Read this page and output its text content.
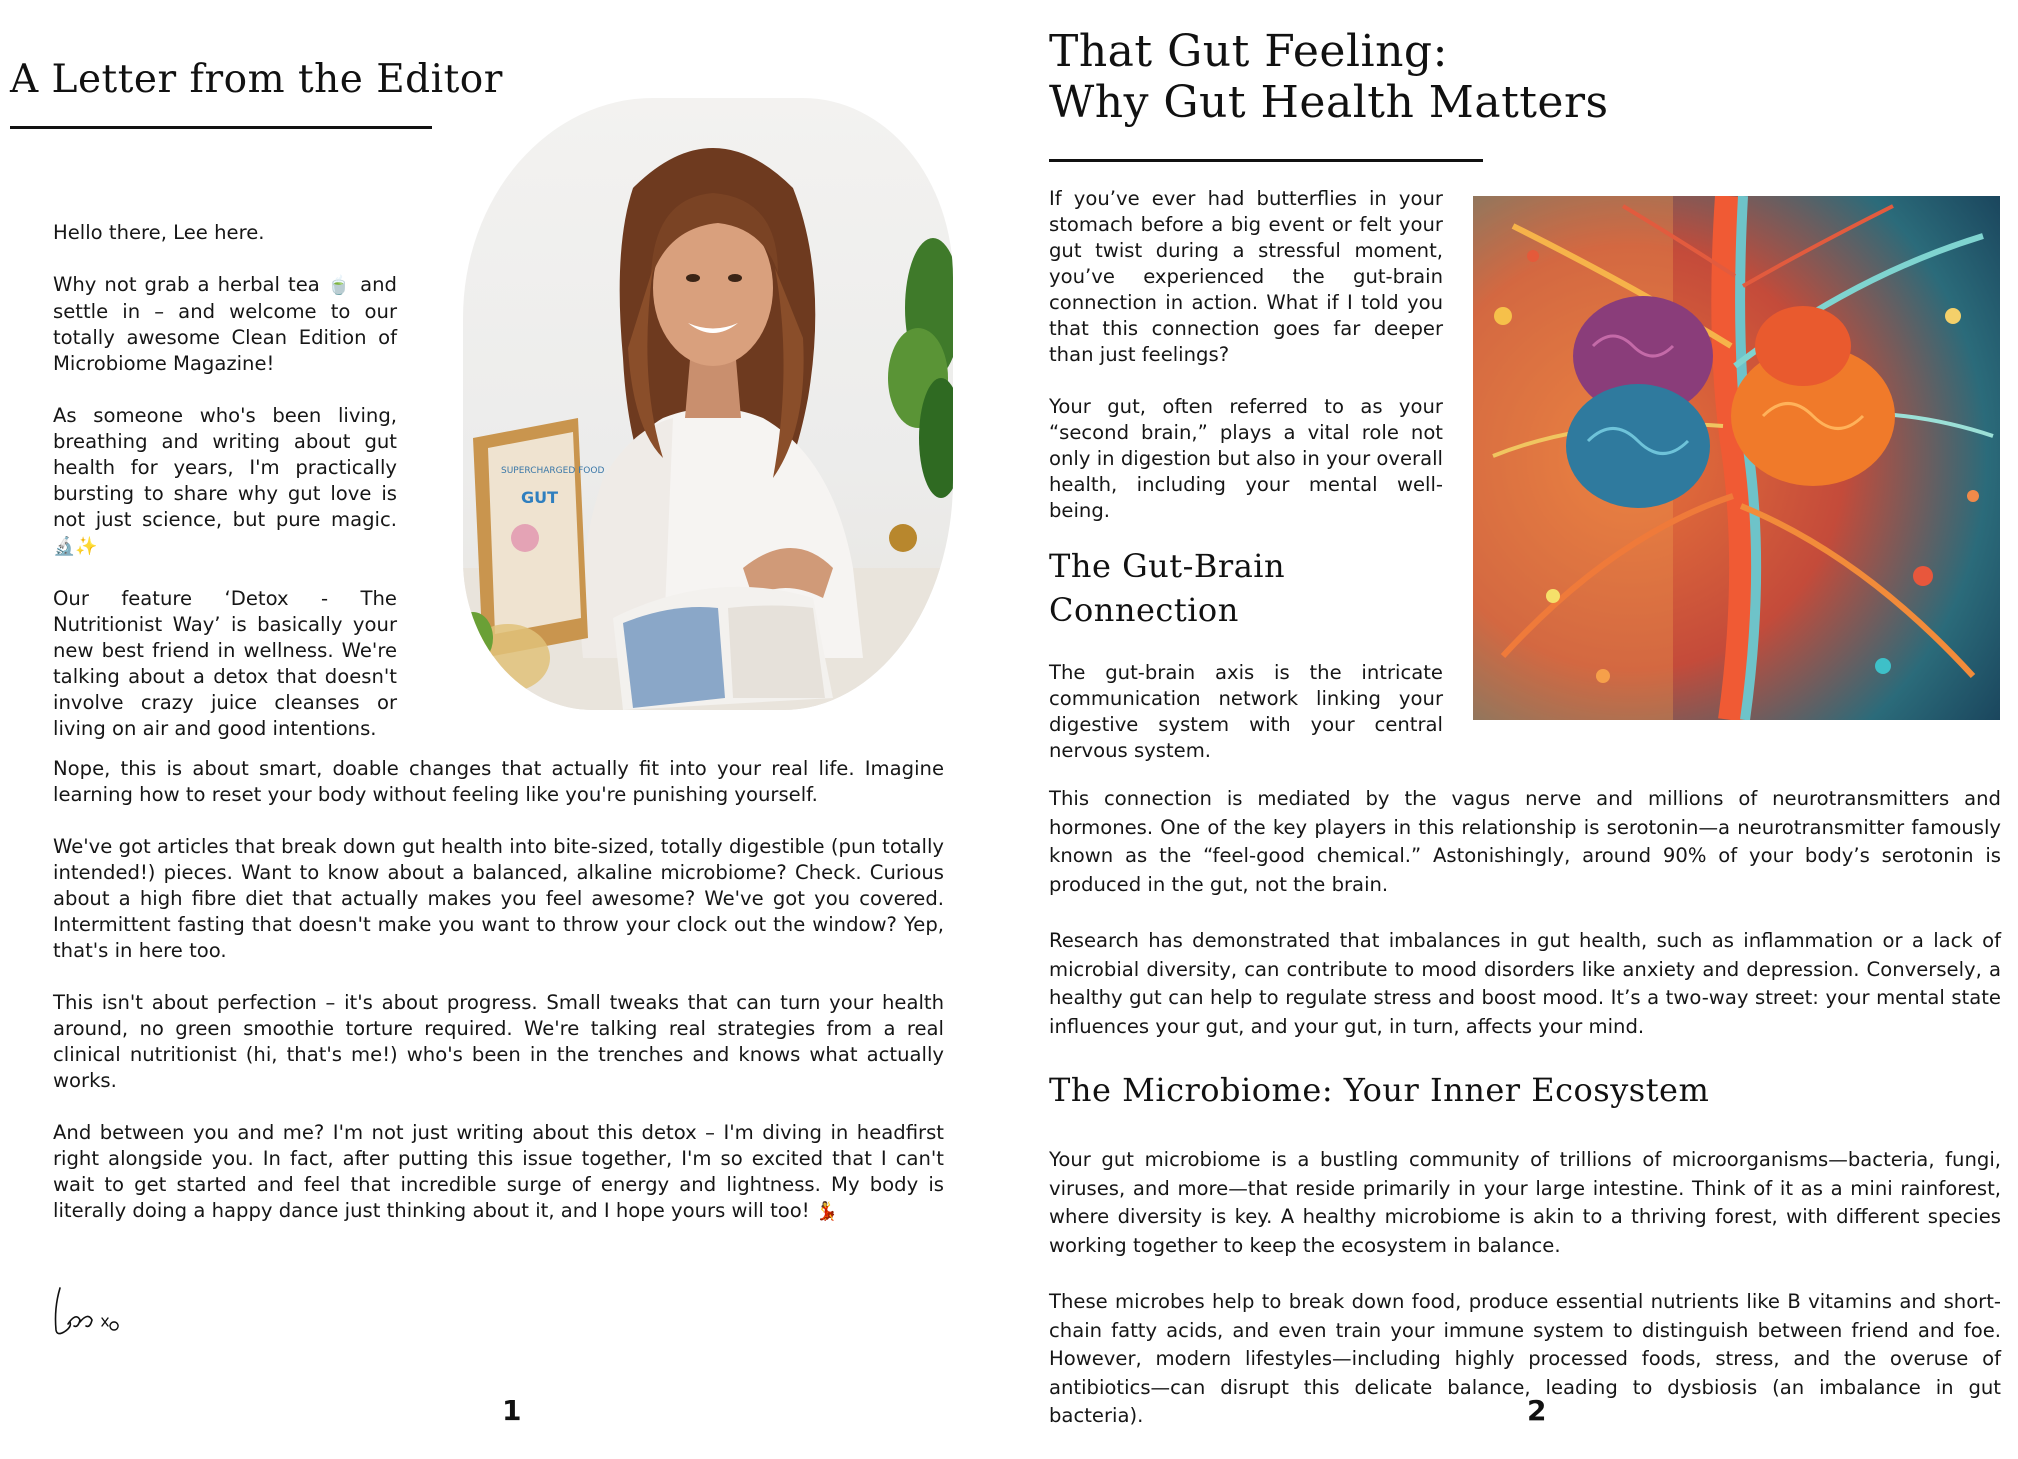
A Letter from the Editor

Hello there, Lee here.

Why not grab a herbal tea 🍵 and settle in – and welcome to our totally awesome Clean Edition of Microbiome Magazine!

As someone who's been living, breathing and writing about gut health for years, I'm practically bursting to share why gut love is not just science, but pure magic. 🔬✨

Our feature ‘Detox - The Nutritionist Way’ is basically your new best friend in wellness. We're talking about a detox that doesn't involve crazy juice cleanses or living on air and good intentions.

SUPERCHARGED FOOD
GUT

Nope, this is about smart, doable changes that actually fit into your real life. Imagine learning how to reset your body without feeling like you're punishing yourself.

We've got articles that break down gut health into bite-sized, totally digestible (pun totally intended!) pieces. Want to know about a balanced, alkaline microbiome? Check. Curious about a high fibre diet that actually makes you feel awesome? We've got you covered. Intermittent fasting that doesn't make you want to throw your clock out the window? Yep, that's in here too.

This isn't about perfection – it's about progress. Small tweaks that can turn your health around, no green smoothie torture required. We're talking real strategies from a real clinical nutritionist (hi, that's me!) who's been in the trenches and knows what actually works.

And between you and me? I'm not just writing about this detox – I'm diving in headfirst right alongside you. In fact, after putting this issue together, I'm so excited that I can't wait to get started and feel that incredible surge of energy and lightness. My body is literally doing a happy dance just thinking about it, and I hope yours will too! 💃

1
That Gut Feeling:
Why Gut Health Matters

If you’ve ever had butterflies in your stomach before a big event or felt your gut twist during a stressful moment, you’ve experienced the gut-brain connection in action. What if I told you that this connection goes far deeper than just feelings?

Your gut, often referred to as your “second brain,” plays a vital role not only in digestion but also in your overall health, including your mental well-being.

The Gut-Brain
Connection

The gut-brain axis is the intricate communication network linking your digestive system with your central nervous system.

This connection is mediated by the vagus nerve and millions of neurotransmitters and hormones. One of the key players in this relationship is serotonin—a neurotransmitter famously known as the “feel-good chemical.” Astonishingly, around 90% of your body’s serotonin is produced in the gut, not the brain.

Research has demonstrated that imbalances in gut health, such as inflammation or a lack of microbial diversity, can contribute to mood disorders like anxiety and depression. Conversely, a healthy gut can help to regulate stress and boost mood. It’s a two-way street: your mental state influences your gut, and your gut, in turn, affects your mind.

The Microbiome: Your Inner Ecosystem

Your gut microbiome is a bustling community of trillions of microorganisms—bacteria, fungi, viruses, and more—that reside primarily in your large intestine. Think of it as a mini rainforest, where diversity is key. A healthy microbiome is akin to a thriving forest, with different species working together to keep the ecosystem in balance.

These microbes help to break down food, produce essential nutrients like B vitamins and short-chain fatty acids, and even train your immune system to distinguish between friend and foe. However, modern lifestyles—including highly processed foods, stress, and the overuse of antibiotics—can disrupt this delicate balance, leading to dysbiosis (an imbalance in gut bacteria).	2
